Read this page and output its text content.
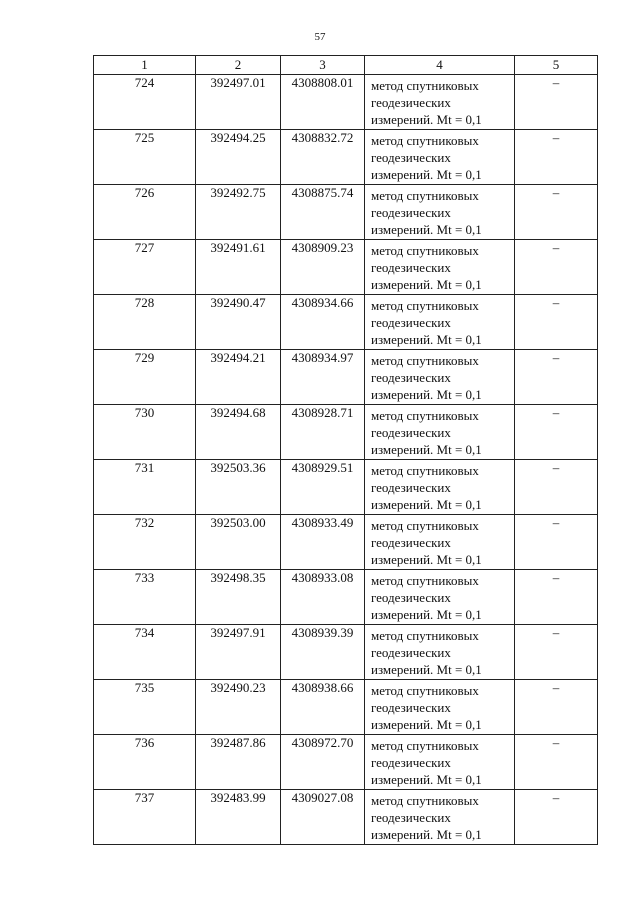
57
1	2	3	4	5
724	392497.01	4308808.01	метод спутниковых
геодезических
измерений. Mt = 0,1	–
725	392494.25	4308832.72	метод спутниковых
геодезических
измерений. Mt = 0,1	–
726	392492.75	4308875.74	метод спутниковых
геодезических
измерений. Mt = 0,1	–
727	392491.61	4308909.23	метод спутниковых
геодезических
измерений. Mt = 0,1	–
728	392490.47	4308934.66	метод спутниковых
геодезических
измерений. Mt = 0,1	–
729	392494.21	4308934.97	метод спутниковых
геодезических
измерений. Mt = 0,1	–
730	392494.68	4308928.71	метод спутниковых
геодезических
измерений. Mt = 0,1	–
731	392503.36	4308929.51	метод спутниковых
геодезических
измерений. Mt = 0,1	–
732	392503.00	4308933.49	метод спутниковых
геодезических
измерений. Mt = 0,1	–
733	392498.35	4308933.08	метод спутниковых
геодезических
измерений. Mt = 0,1	–
734	392497.91	4308939.39	метод спутниковых
геодезических
измерений. Mt = 0,1	–
735	392490.23	4308938.66	метод спутниковых
геодезических
измерений. Mt = 0,1	–
736	392487.86	4308972.70	метод спутниковых
геодезических
измерений. Mt = 0,1	–
737	392483.99	4309027.08	метод спутниковых
геодезических
измерений. Mt = 0,1	–
